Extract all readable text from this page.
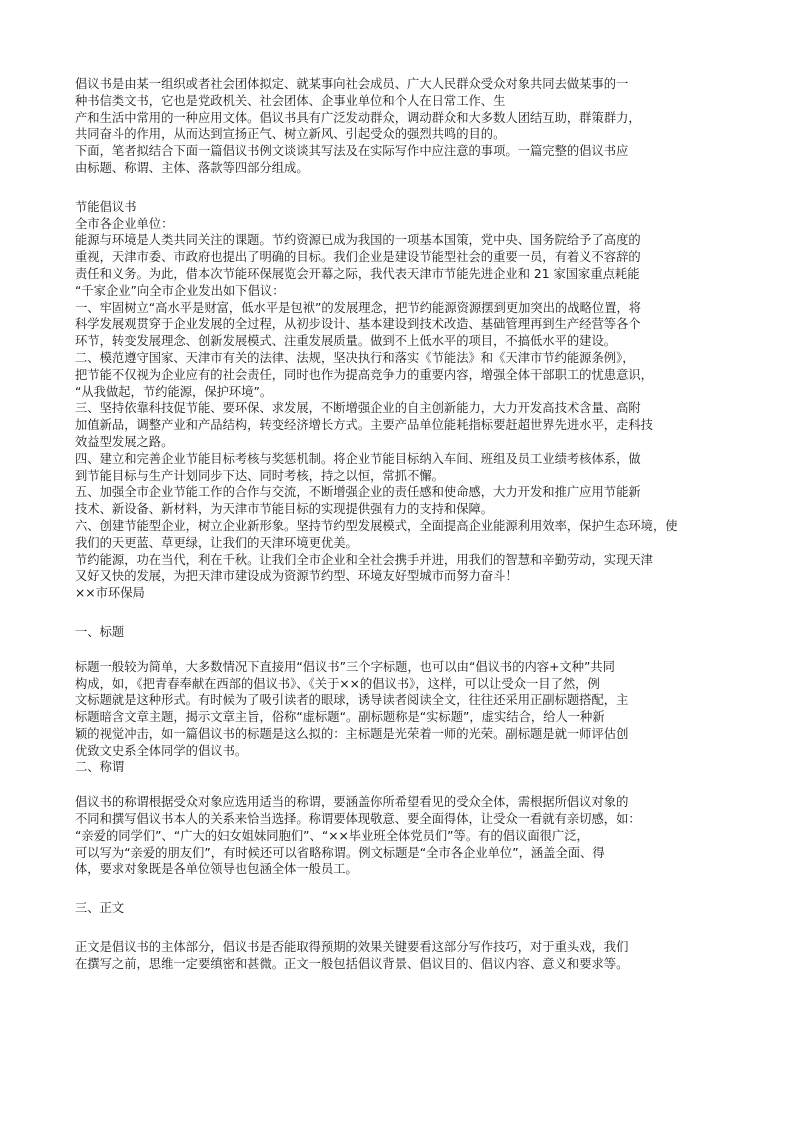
倡议书是由某一组织或者社会团体拟定、就某事向社会成员、广大人民群众受众对象共同去做某事的一
种书信类文书，它也是党政机关、社会团体、企事业单位和个人在日常工作、生
产和生活中常用的一种应用文体。倡议书具有广泛发动群众，调动群众和大多数人团结互助，群策群力，
共同奋斗的作用，从而达到宣扬正气、树立新风、引起受众的强烈共鸣的目的。
下面，笔者拟结合下面一篇倡议书例文谈谈其写法及在实际写作中应注意的事项。一篇完整的倡议书应
由标题、称谓、主体、落款等四部分组成。
节能倡议书
全市各企业单位：
能源与环境是人类共同关注的课题。节约资源已成为我国的一项基本国策，党中央、国务院给予了高度的
重视，天津市委、市政府也提出了明确的目标。我们企业是建设节能型社会的重要一员，有着义不容辞的
责任和义务。为此，借本次节能环保展览会开幕之际，我代表天津市节能先进企业和 21 家国家重点耗能
“千家企业”向全市企业发出如下倡议：
一、牢固树立“高水平是财富，低水平是包袱”的发展理念，把节约能源资源摆到更加突出的战略位置，将
科学发展观贯穿于企业发展的全过程，从初步设计、基本建设到技术改造、基础管理再到生产经营等各个
环节，转变发展理念、创新发展模式、注重发展质量。做到不上低水平的项目，不搞低水平的建设。
二、模范遵守国家、天津市有关的法律、法规，坚决执行和落实《节能法》和《天津市节约能源条例》，
把节能不仅视为企业应有的社会责任，同时也作为提高竞争力的重要内容，增强全体干部职工的忧患意识，
“从我做起，节约能源，保护环境”。
三、坚持依靠科技促节能、要环保、求发展，不断增强企业的自主创新能力，大力开发高技术含量、高附
加值新品，调整产业和产品结构，转变经济增长方式。主要产品单位能耗指标要赶超世界先进水平，走科技
效益型发展之路。
四、建立和完善企业节能目标考核与奖惩机制。将企业节能目标纳入车间、班组及员工业绩考核体系，做
到节能目标与生产计划同步下达、同时考核，持之以恒，常抓不懈。
五、加强全市企业节能工作的合作与交流，不断增强企业的责任感和使命感，大力开发和推广应用节能新
技术、新设备、新材料，为天津市节能目标的实现提供强有力的支持和保障。
六、创建节能型企业，树立企业新形象。坚持节约型发展模式，全面提高企业能源利用效率，保护生态环境，使
我们的天更蓝、草更绿，让我们的天津环境更优美。
节约能源，功在当代，利在千秋。让我们全市企业和全社会携手并进，用我们的智慧和辛勤劳动，实现天津
又好又快的发展，为把天津市建设成为资源节约型、环境友好型城市而努力奋斗！
××市环保局
一、标题
标题一般较为简单，大多数情况下直接用“倡议书”三个字标题，也可以由“倡议书的内容+文种”共同
构成，如，《把青春奉献在西部的倡议书》、《关于××的倡议书》，这样，可以让受众一目了然，例
文标题就是这种形式。有时候为了吸引读者的眼球，诱导读者阅读全文，往往还采用正副标题搭配，主
标题暗含文章主题，揭示文章主旨，俗称“虚标题“。副标题称是“实标题”，虚实结合，给人一种新
颖的视觉冲击，如一篇倡议书的标题是这么拟的：主标题是光荣着一师的光荣。副标题是就一师评估创
优致文史系全体同学的倡议书。
二、称谓
倡议书的称谓根据受众对象应选用适当的称谓，要涵盖你所希望看见的受众全体，需根据所倡议对象的
不同和撰写倡议书本人的关系来恰当选择。称谓要体现敬意、要全面得体，让受众一看就有亲切感，如：
“亲爱的同学们”、“广大的妇女姐妹同胞们”、“××毕业班全体党员们”等。有的倡议面很广泛，
可以写为“亲爱的朋友们”，有时候还可以省略称谓。例文标题是“全市各企业单位”，涵盖全面、得
体，要求对象既是各单位领导也包涵全体一般员工。
三、正文
正文是倡议书的主体部分，倡议书是否能取得预期的效果关键要看这部分写作技巧，对于重头戏，我们
在撰写之前，思维一定要缜密和甚微。正文一般包括倡议背景、倡议目的、倡议内容、意义和要求等。
